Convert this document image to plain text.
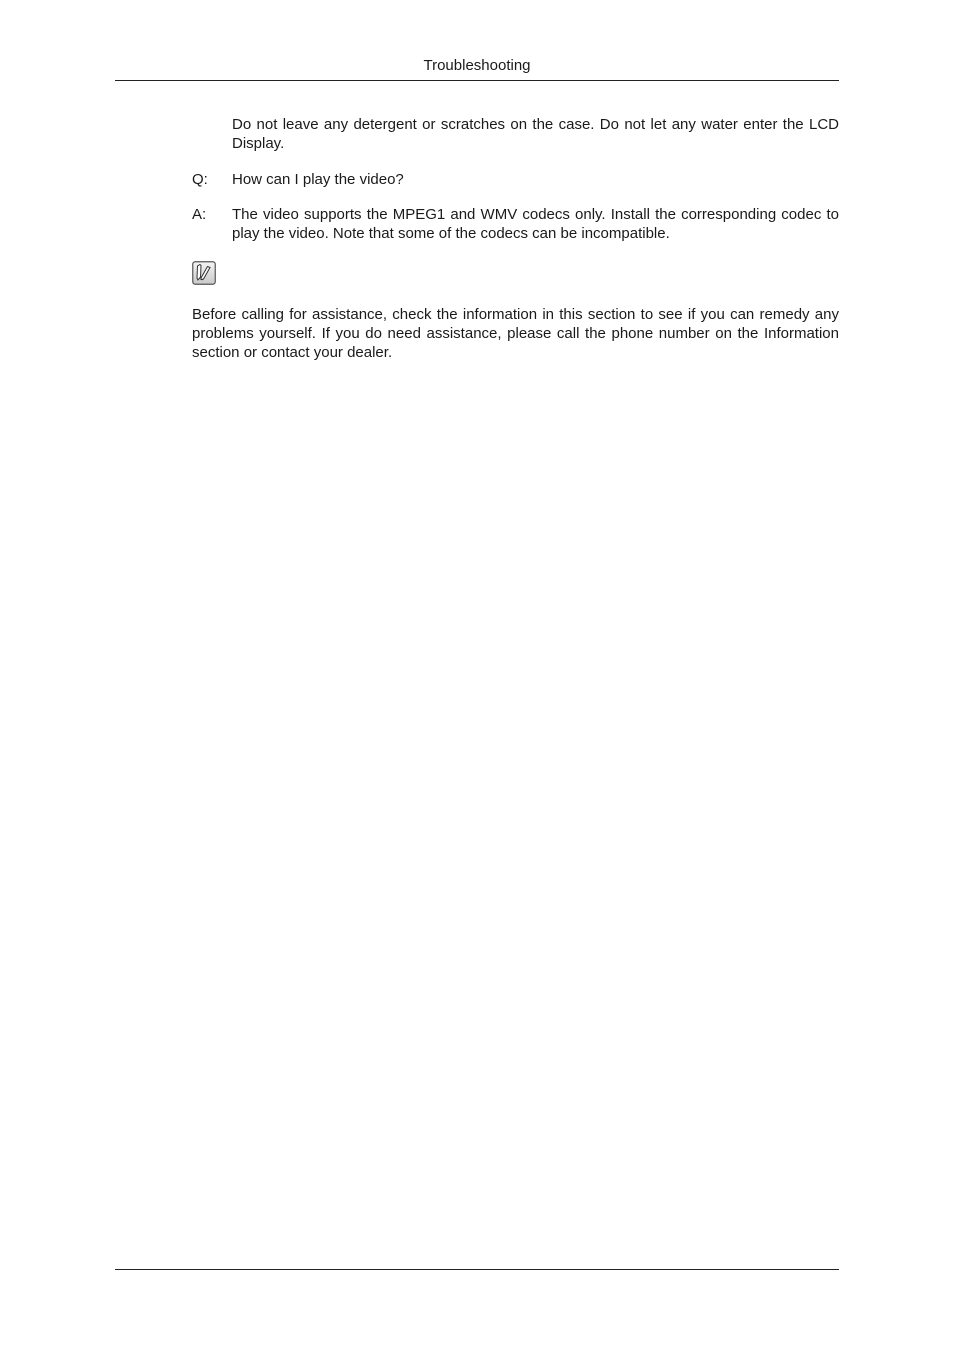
Troubleshooting

Do not leave any detergent or scratches on the case. Do not let any water enter the LCD Display.

Q:	How can I play the video?

A:	The video supports the MPEG1 and WMV codecs only. Install the corresponding codec to play the video. Note that some of the codecs can be incompatible.

Before calling for assistance, check the information in this section to see if you can remedy any problems yourself. If you do need assistance, please call the phone number on the Information section or contact your dealer.
